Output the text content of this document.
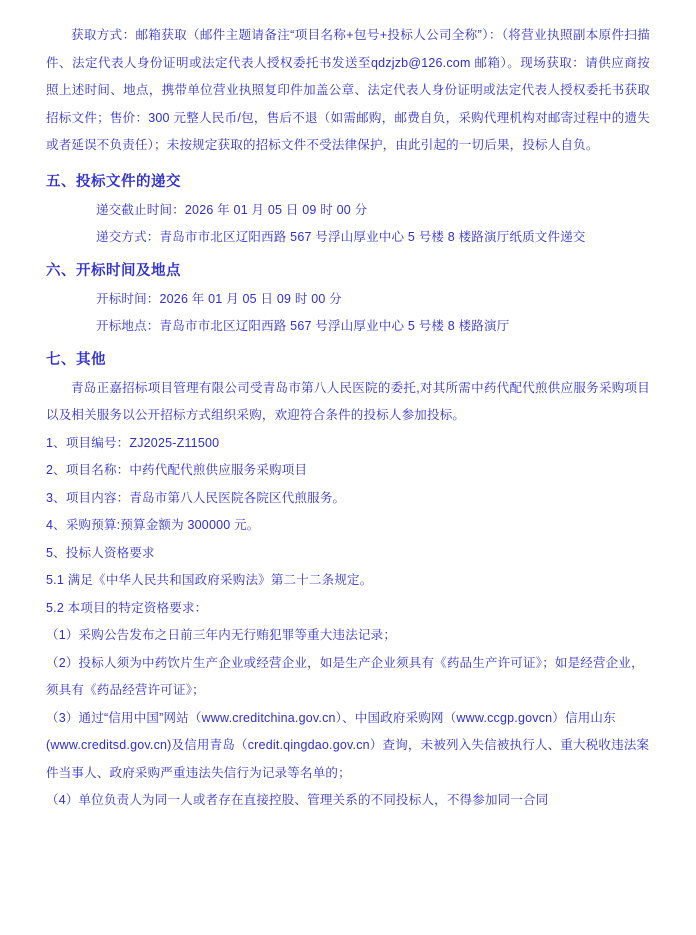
获取方式：邮箱获取（邮件主题请备注“项目名称+包号+投标人公司全称”）：（将营业执照副本原件扫描件、法定代表人身份证明或法定代表人授权委托书发送至qdzjzb@126.com 邮箱）。现场获取：请供应商按照上述时间、地点，携带单位营业执照复印件加盖公章、法定代表人身份证明或法定代表人授权委托书获取招标文件；售价：300 元整人民币/包，售后不退（如需邮购，邮费自负，采购代理机构对邮寄过程中的遗失或者延误不负责任）；未按规定获取的招标文件不受法律保护，由此引起的一切后果，投标人自负。

五、投标文件的递交

递交截止时间：2026 年 01 月 05 日 09 时 00 分

递交方式：青岛市市北区辽阳西路 567 号浮山厚业中心 5 号楼 8 楼路演厅纸质文件递交

六、开标时间及地点

开标时间：2026 年 01 月 05 日 09 时 00 分

开标地点：青岛市市北区辽阳西路 567 号浮山厚业中心 5 号楼 8 楼路演厅

七、其他

青岛正嘉招标项目管理有限公司受青岛市第八人民医院的委托,对其所需中药代配代煎供应服务采购项目以及相关服务以公开招标方式组织采购，欢迎符合条件的投标人参加投标。

1、项目编号：ZJ2025-Z11500

2、项目名称：中药代配代煎供应服务采购项目

3、项目内容：青岛市第八人民医院各院区代煎服务。

4、采购预算:预算金额为 300000 元。

5、投标人资格要求

5.1 满足《中华人民共和国政府采购法》第二十二条规定。

5.2 本项目的特定资格要求：

（1）采购公告发布之日前三年内无行贿犯罪等重大违法记录；

（2）投标人须为中药饮片生产企业或经营企业，如是生产企业须具有《药品生产许可证》；如是经营企业，须具有《药品经营许可证》；

（3）通过“信用中国”网站（www.creditchina.gov.cn）、中国政府采购网（www.ccgp.govcn）信用山东(www.creditsd.gov.cn)及信用青岛（credit.qingdao.gov.cn）查询，未被列入失信被执行人、重大税收违法案件当事人、政府采购严重违法失信行为记录等名单的；

（4）单位负责人为同一人或者存在直接控股、管理关系的不同投标人，不得参加同一合同
